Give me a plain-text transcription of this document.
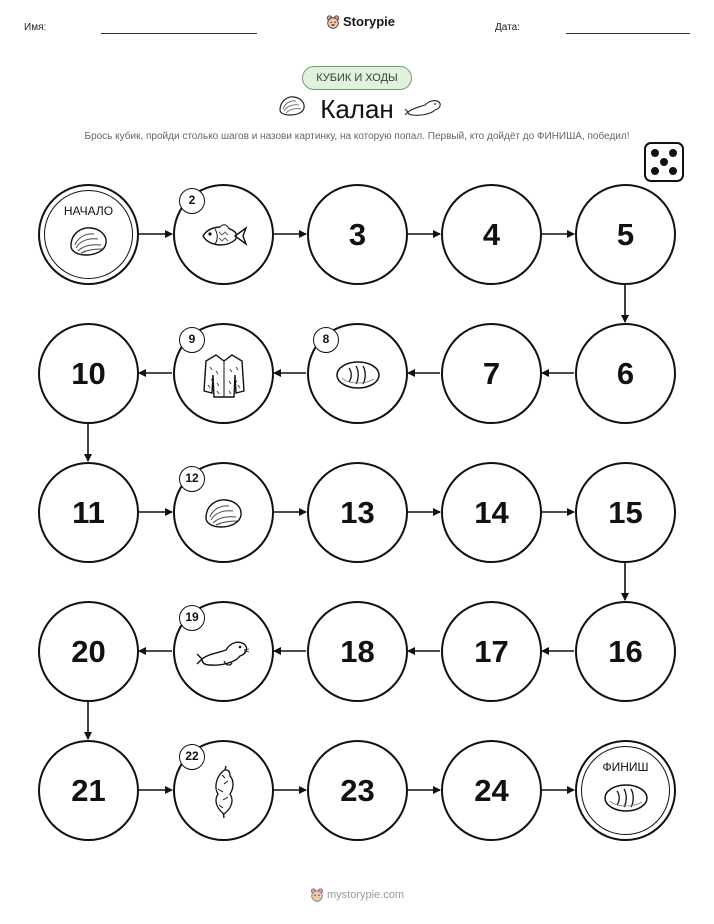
Имя:	Storypie	Дата:
КУБИК И ХОДЫ
Калан
Брось кубик, пройди столько шагов и назови картинку, на которую попал. Первый, кто дойдёт до ФИНИША, победил!
НАЧАЛО
2
3	4	5
6
7
8
9
10
11
12
13	14	15
16
17
18
19
20
21
22
23	24
ФИНИШ
mystorypie.com
